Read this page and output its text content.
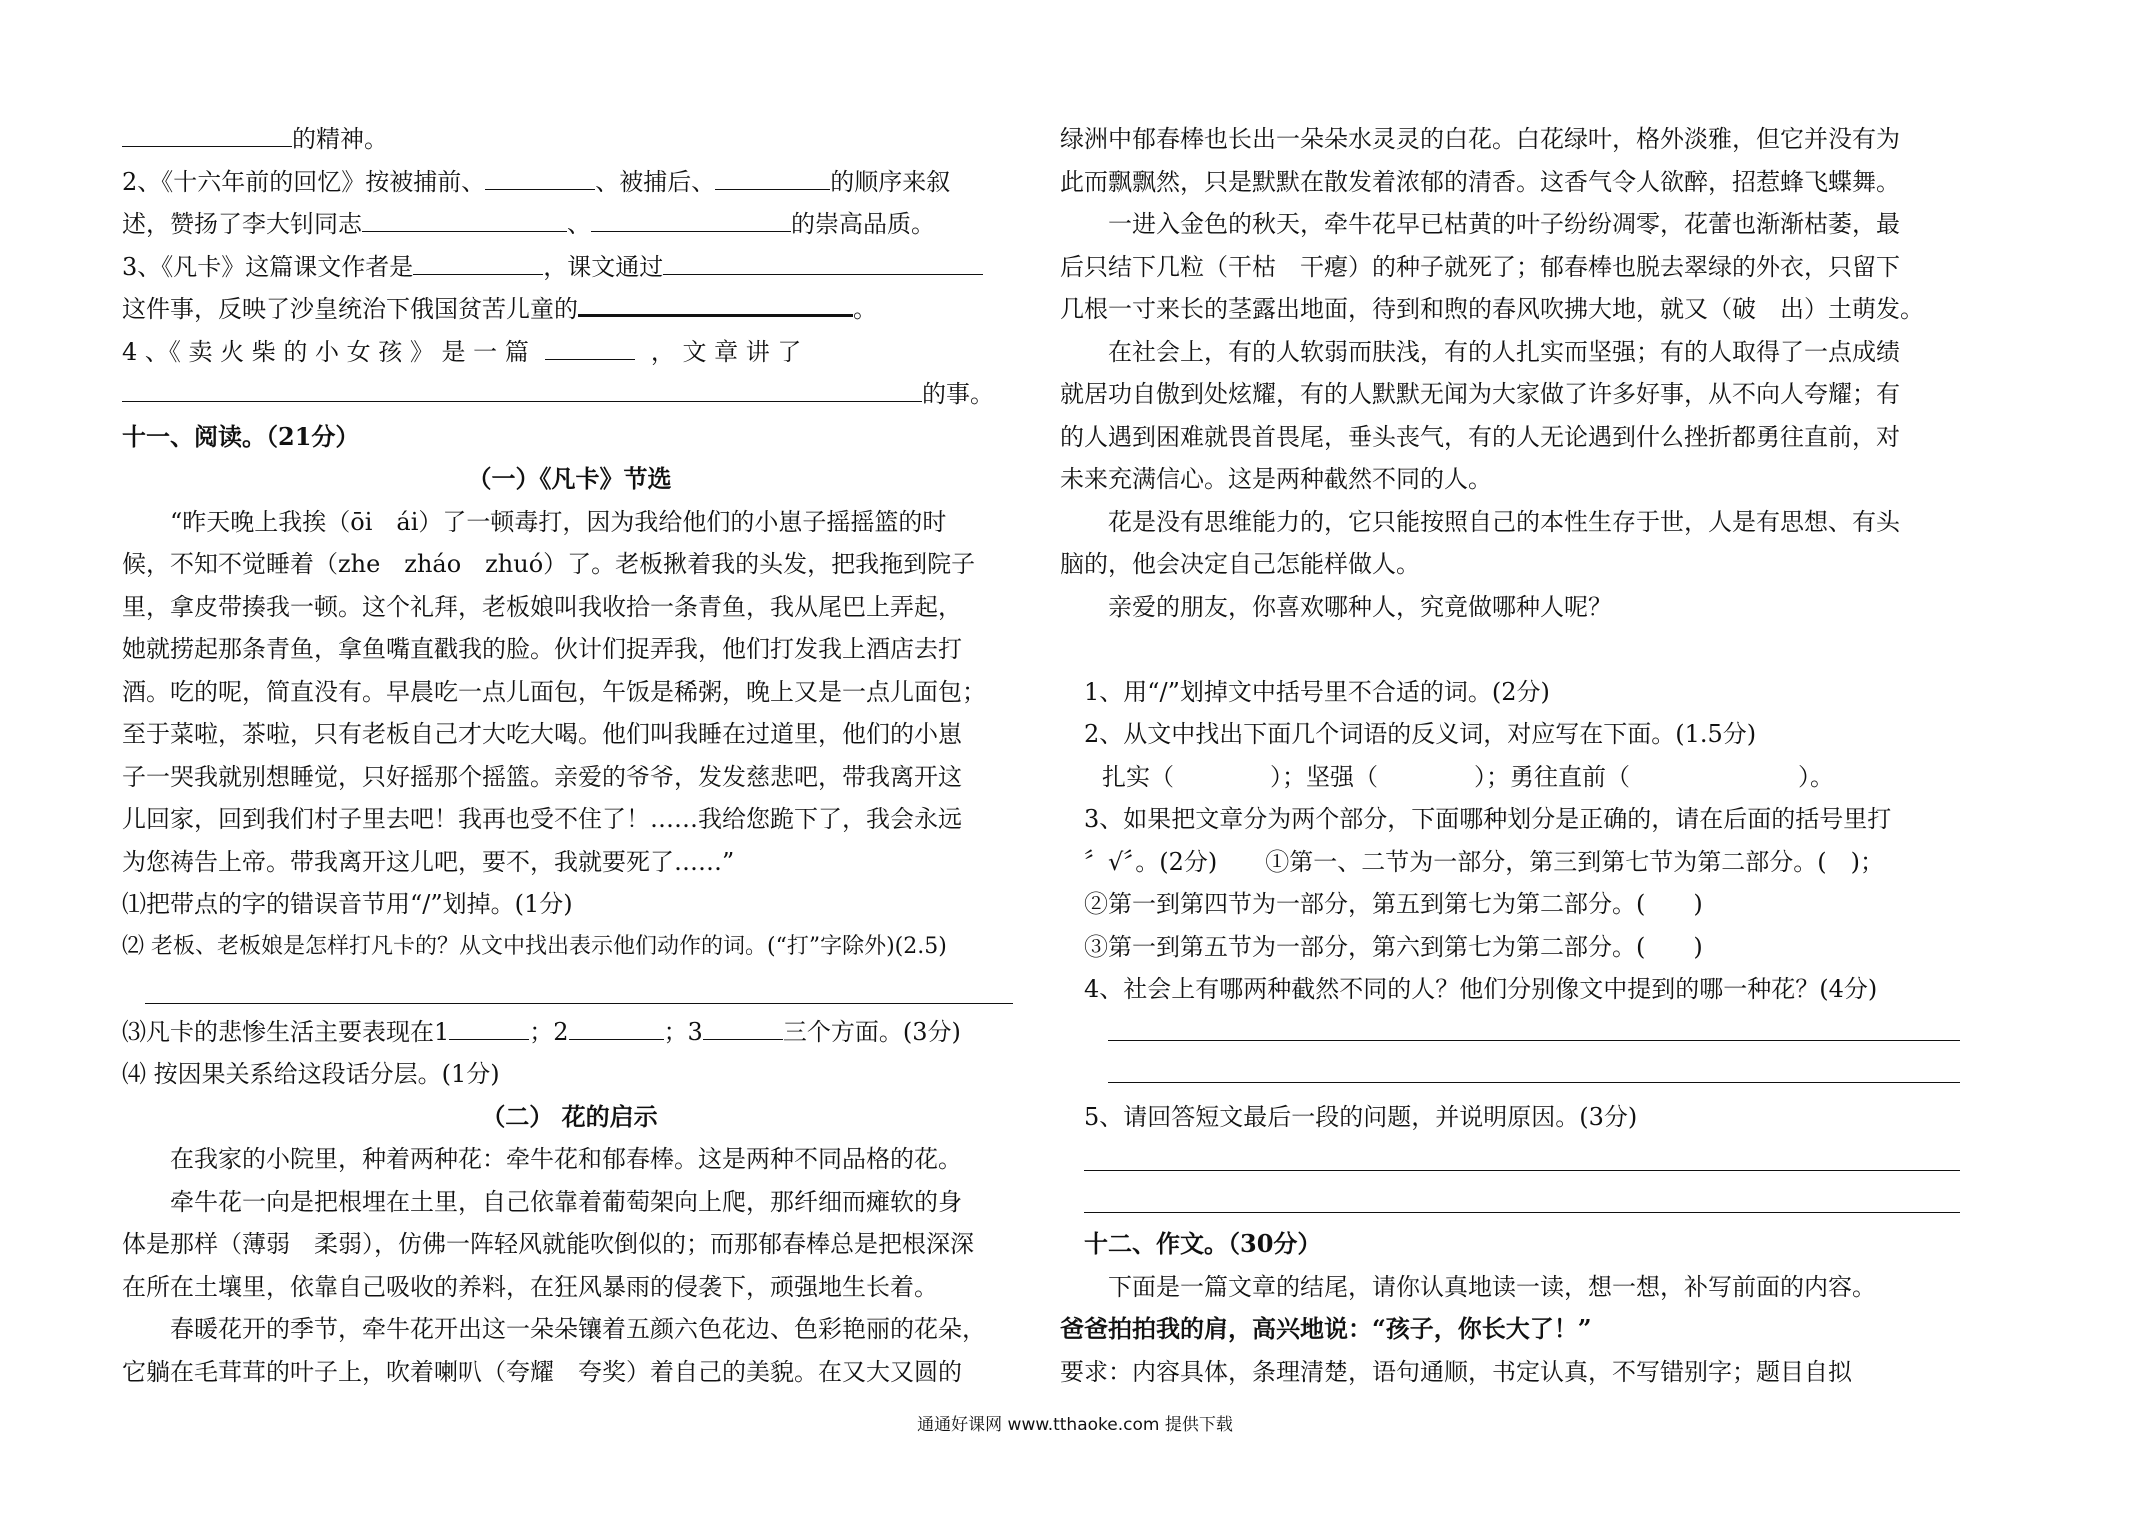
的精神。
2、《十六年前的回忆》按被捕前、	、被捕后、	的顺序来叙
述，赞扬了李大钊同志	、	的崇高品质。
3、《凡卡》这篇课文作者是	，课文通过
这件事，反映了沙皇统治下俄国贫苦儿童的	。
4 、《 卖 火 柴 的 小 女 孩 》 是 一 篇	， 文 章 讲 了
的事。
十一、阅读。（21分）
（一）《凡卡》节选
“昨天晚上我挨（ōi　ái）了一顿毒打，因为我给他们的小崽子摇摇篮的时
候，不知不觉睡着（zhe　zháo　zhuó）了。老板揪着我的头发，把我拖到院子
里，拿皮带揍我一顿。这个礼拜，老板娘叫我收拾一条青鱼，我从尾巴上弄起，
她就捞起那条青鱼，拿鱼嘴直戳我的脸。伙计们捉弄我，他们打发我上酒店去打
酒。吃的呢，简直没有。早晨吃一点儿面包，午饭是稀粥，晚上又是一点儿面包；
至于菜啦，茶啦，只有老板自己才大吃大喝。他们叫我睡在过道里，他们的小崽
子一哭我就别想睡觉，只好摇那个摇篮。亲爱的爷爷，发发慈悲吧，带我离开这
儿回家，回到我们村子里去吧！我再也受不住了！……我给您跪下了，我会永远
为您祷告上帝。带我离开这儿吧，要不，我就要死了……”
⑴把带点的字的错误音节用“/”划掉。(1分)
⑵ 老板、老板娘是怎样打凡卡的？从文中找出表示他们动作的词。(“打”字除外)(2.5)
⑶凡卡的悲惨生活主要表现在1	；2	；3	三个方面。(3分)
⑷ 按因果关系给这段话分层。(1分)
（二） 花的启示
在我家的小院里，种着两种花：牵牛花和郁春棒。这是两种不同品格的花。
牵牛花一向是把根埋在土里，自己依靠着葡萄架向上爬，那纤细而瘫软的身
体是那样（薄弱　柔弱），仿佛一阵轻风就能吹倒似的；而那郁春棒总是把根深深
在所在土壤里，依靠自己吸收的养料，在狂风暴雨的侵袭下，顽强地生长着。
春暖花开的季节，牵牛花开出这一朵朵镶着五颜六色花边、色彩艳丽的花朵，
它躺在毛茸茸的叶子上，吹着喇叭（夸耀　夸奖）着自己的美貌。在又大又圆的
绿洲中郁春棒也长出一朵朵水灵灵的白花。白花绿叶，格外淡雅，但它并没有为
此而飘飘然，只是默默在散发着浓郁的清香。这香气令人欲醉，招惹蜂飞蝶舞。
一进入金色的秋天，牵牛花早已枯黄的叶子纷纷凋零，花蕾也渐渐枯萎，最
后只结下几粒（干枯　干瘪）的种子就死了；郁春棒也脱去翠绿的外衣，只留下
几根一寸来长的茎露出地面，待到和煦的春风吹拂大地，就又（破　出）土萌发。
在社会上，有的人软弱而肤浅，有的人扎实而坚强；有的人取得了一点成绩
就居功自傲到处炫耀，有的人默默无闻为大家做了许多好事，从不向人夸耀；有
的人遇到困难就畏首畏尾，垂头丧气，有的人无论遇到什么挫折都勇往直前，对
未来充满信心。这是两种截然不同的人。
花是没有思维能力的，它只能按照自己的本性生存于世，人是有思想、有头
脑的，他会决定自己怎能样做人。
亲爱的朋友，你喜欢哪种人，究竟做哪种人呢？
1、用“/”划掉文中括号里不合适的词。(2分)
2、从文中找出下面几个词语的反义词，对应写在下面。(1.5分)
扎实（　　　　）；坚强（　　　　）；勇往直前（　　　　　　　）。
3、如果把文章分为两个部分，下面哪种划分是正确的，请在后面的括号里打
〞√〞。(2分)　　①第一、二节为一部分，第三到第七节为第二部分。(　)；
②第一到第四节为一部分，第五到第七为第二部分。(　　)
③第一到第五节为一部分，第六到第七为第二部分。(　　)
4、社会上有哪两种截然不同的人？他们分别像文中提到的哪一种花？(4分)
5、请回答短文最后一段的问题，并说明原因。(3分)
十二、作文。（30分）
下面是一篇文章的结尾，请你认真地读一读，想一想，补写前面的内容。
爸爸拍拍我的肩，高兴地说：“孩子，你长大了！”
要求：内容具体，条理清楚，语句通顺，书定认真，不写错别字；题目自拟
通通好课网 www.tthaoke.com 提供下载
